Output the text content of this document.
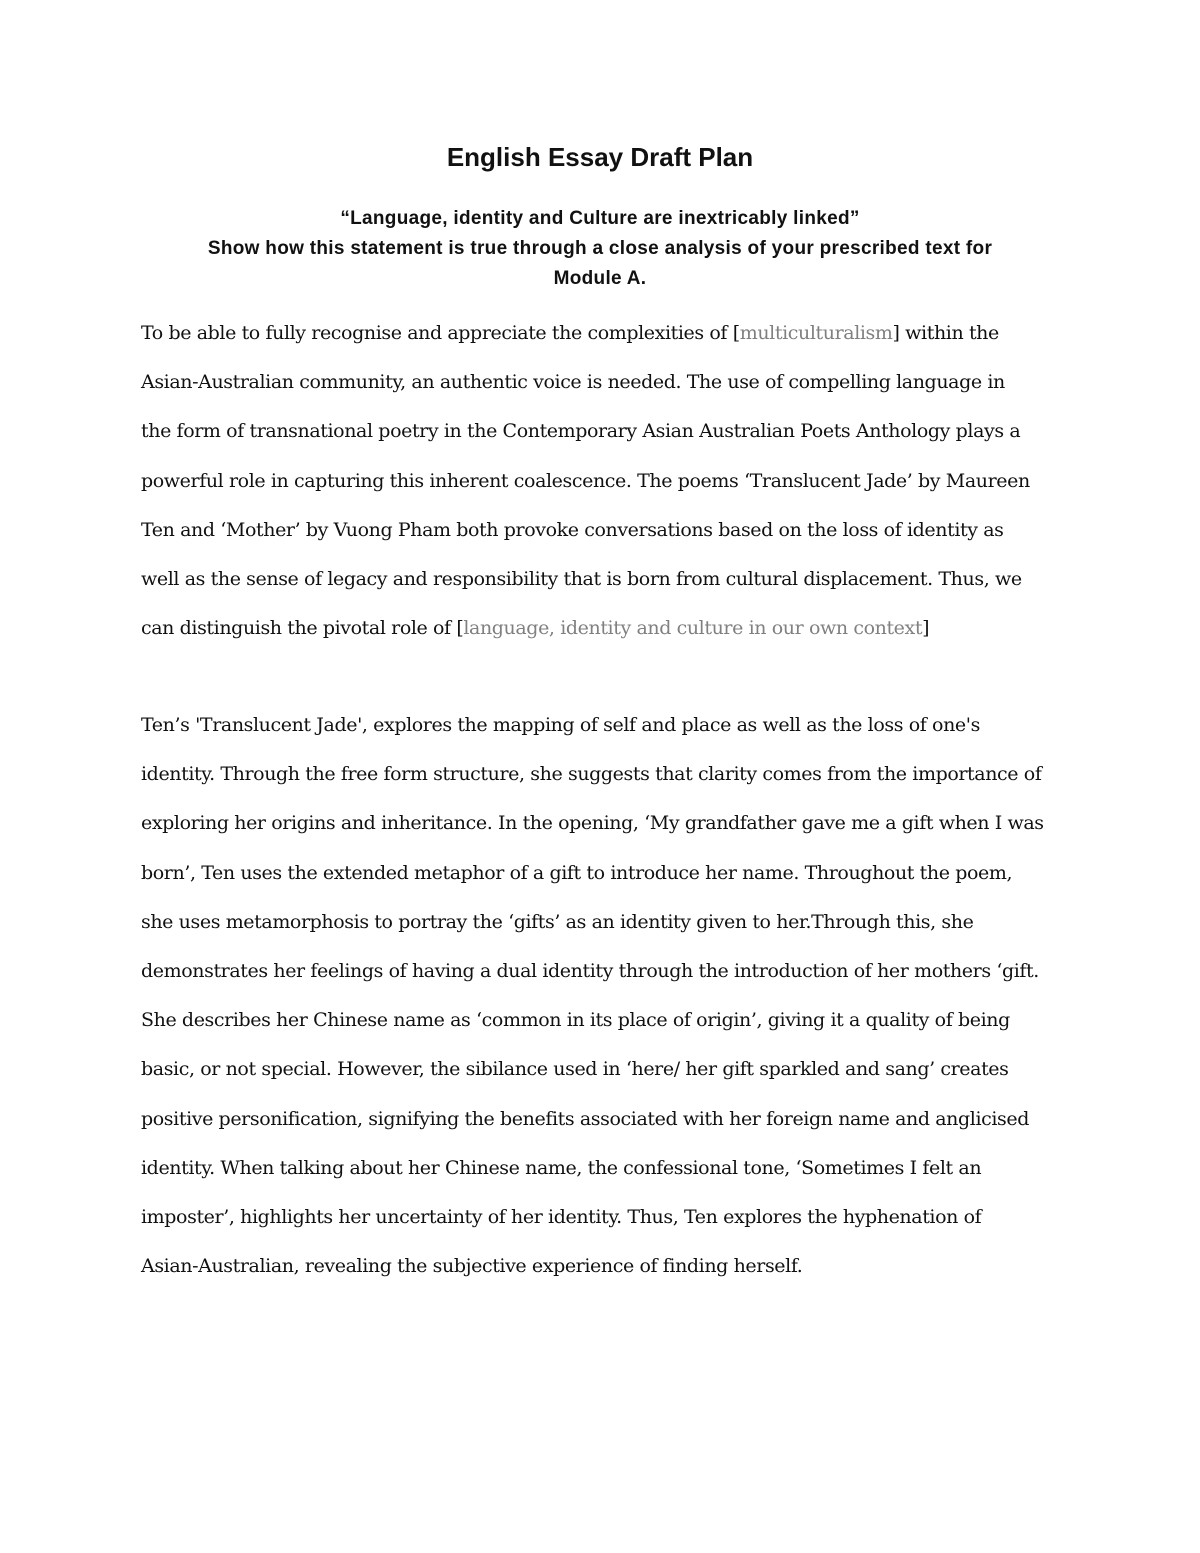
English Essay Draft Plan
“Language, identity and Culture are inextricably linked”
Show how this statement is true through a close analysis of your prescribed text for
Module A.
To be able to fully recognise and appreciate the complexities of [multiculturalism] within the
Asian-Australian community, an authentic voice is needed. The use of compelling language in
the form of transnational poetry in the Contemporary Asian Australian Poets Anthology plays a
powerful role in capturing this inherent coalescence. The poems ‘Translucent Jade’ by Maureen
Ten and ‘Mother’ by Vuong Pham both provoke conversations based on the loss of identity as
well as the sense of legacy and responsibility that is born from cultural displacement. Thus, we
can distinguish the pivotal role of [language, identity and culture in our own context]
Ten’s 'Translucent Jade', explores the mapping of self and place as well as the loss of one's
identity. Through the free form structure, she suggests that clarity comes from the importance of
exploring her origins and inheritance. In the opening, ‘My grandfather gave me a gift when I was
born’, Ten uses the extended metaphor of a gift to introduce her name. Throughout the poem,
she uses metamorphosis to portray the ‘gifts’ as an identity given to her.Through this, she
demonstrates her feelings of having a dual identity through the introduction of her mothers ‘gift.
She describes her Chinese name as ‘common in its place of origin’, giving it a quality of being
basic, or not special. However, the sibilance used in ‘here/ her gift sparkled and sang’ creates
positive personification, signifying the benefits associated with her foreign name and anglicised
identity. When talking about her Chinese name, the confessional tone, ‘Sometimes I felt an
imposter’, highlights her uncertainty of her identity. Thus, Ten explores the hyphenation of
Asian-Australian, revealing the subjective experience of finding herself.
